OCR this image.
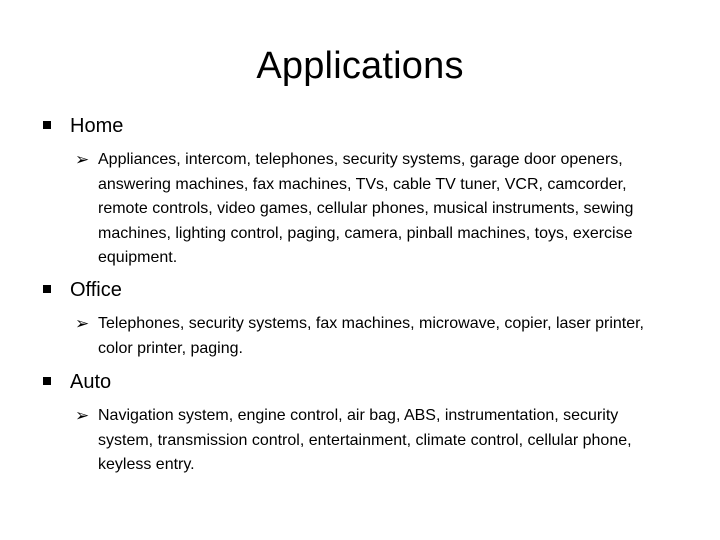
Applications
Home
➢ Appliances, intercom, telephones, security systems, garage door openers, answering machines, fax machines, TVs, cable TV tuner, VCR, camcorder, remote controls, video games, cellular phones, musical instruments, sewing machines, lighting control, paging, camera, pinball machines, toys, exercise equipment.
Office
➢ Telephones, security systems, fax machines, microwave, copier, laser printer, color printer, paging.
Auto
➢ Navigation system, engine control, air bag, ABS, instrumentation, security system, transmission control, entertainment, climate control, cellular phone, keyless entry.
